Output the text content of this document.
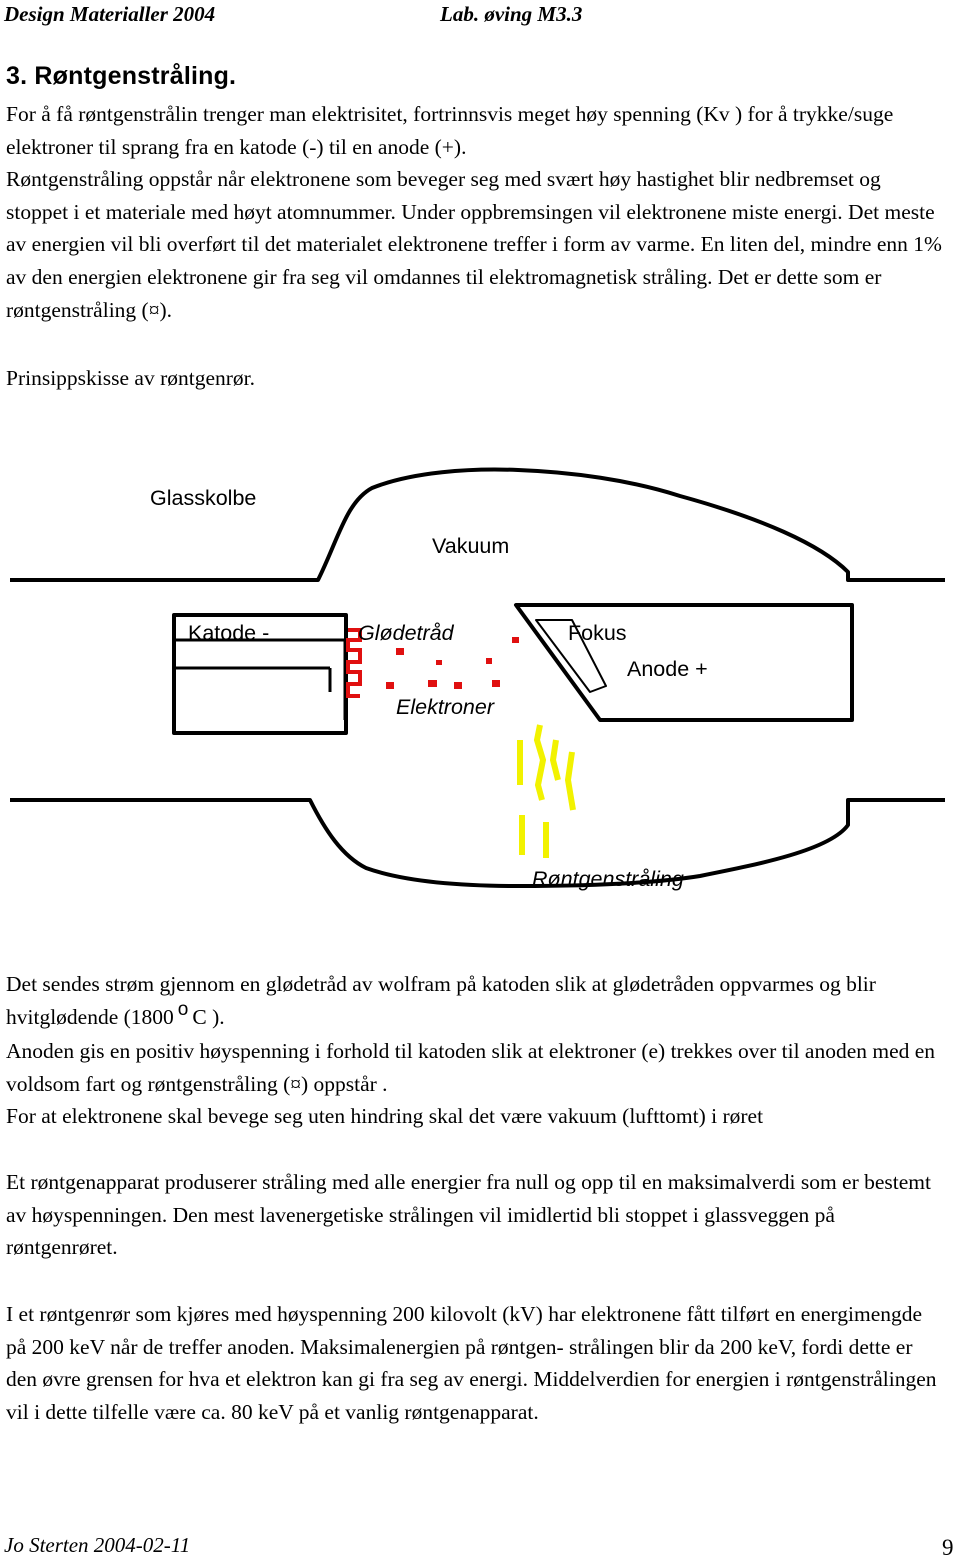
Design Materialler 2004	Lab. øving M3.3
3. Røntgenstråling.
For å få røntgenstrålin trenger man elektrisitet, fortrinnsvis meget høy spenning (Kv ) for å trykke/suge elektroner til sprang fra en katode (-) til en anode (+).
Røntgenstråling oppstår når elektronene som beveger seg med svært høy hastighet blir nedbremset og stoppet i et materiale med høyt atomnummer. Under oppbremsingen vil elektronene miste energi. Det meste av energien vil bli overført til det materialet elektronene treffer i form av varme. En liten del, mindre enn 1% av den energien elektronene gir fra seg vil omdannes til elektromagnetisk stråling. Det er dette som er røntgenstråling (¤).
Prinsippskisse av røntgenrør.
Glasskolbe
Vakuum
Katode -	Glødetråd	Fokus
Anode +
Elektroner
Røntgenstråling
Det sendes strøm gjennom en glødetråd av wolfram på katoden slik at glødetråden oppvarmes og blir hvitglødende (1800 o C ).
Anoden gis en positiv høyspenning i forhold til katoden slik at elektroner (e) trekkes over til anoden med en voldsom fart og røntgenstråling (¤) oppstår .
For at elektronene skal bevege seg uten hindring skal det være vakuum (lufttomt) i røret
Et røntgenapparat produserer stråling med alle energier fra null og opp til en maksimalverdi som er bestemt av høyspenningen. Den mest lavenergetiske strålingen vil imidlertid bli stoppet i glassveggen på røntgenrøret.
I et røntgenrør som kjøres med høyspenning 200 kilovolt (kV) har elektronene fått tilført en energimengde på 200 keV når de treffer anoden. Maksimalenergien på røntgen- strålingen blir da 200 keV, fordi dette er den øvre grensen for hva et elektron kan gi fra seg av energi. Middelverdien for energien i røntgenstrålingen vil i dette tilfelle være ca. 80 keV på et vanlig røntgenapparat.
Jo Sterten 2004-02-11	9
